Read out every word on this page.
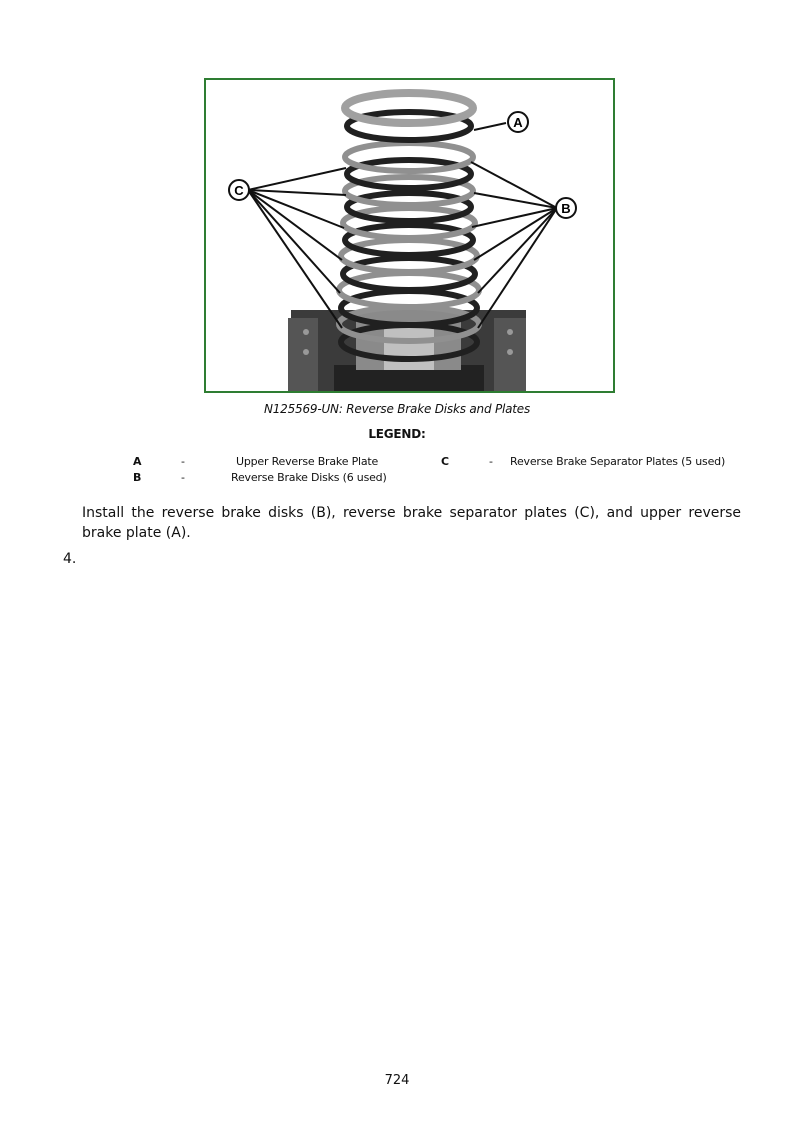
A
B
C
N125569-UN: Reverse Brake Disks and Plates
LEGEND:
A	-	Upper Reverse Brake Plate	C	- Reverse Brake Separator Plates (5 used)
B	-	Reverse Brake Disks (6 used)
Install the reverse brake disks (B), reverse brake separator plates (C), and upper reverse brake plate (A).
4.
724
